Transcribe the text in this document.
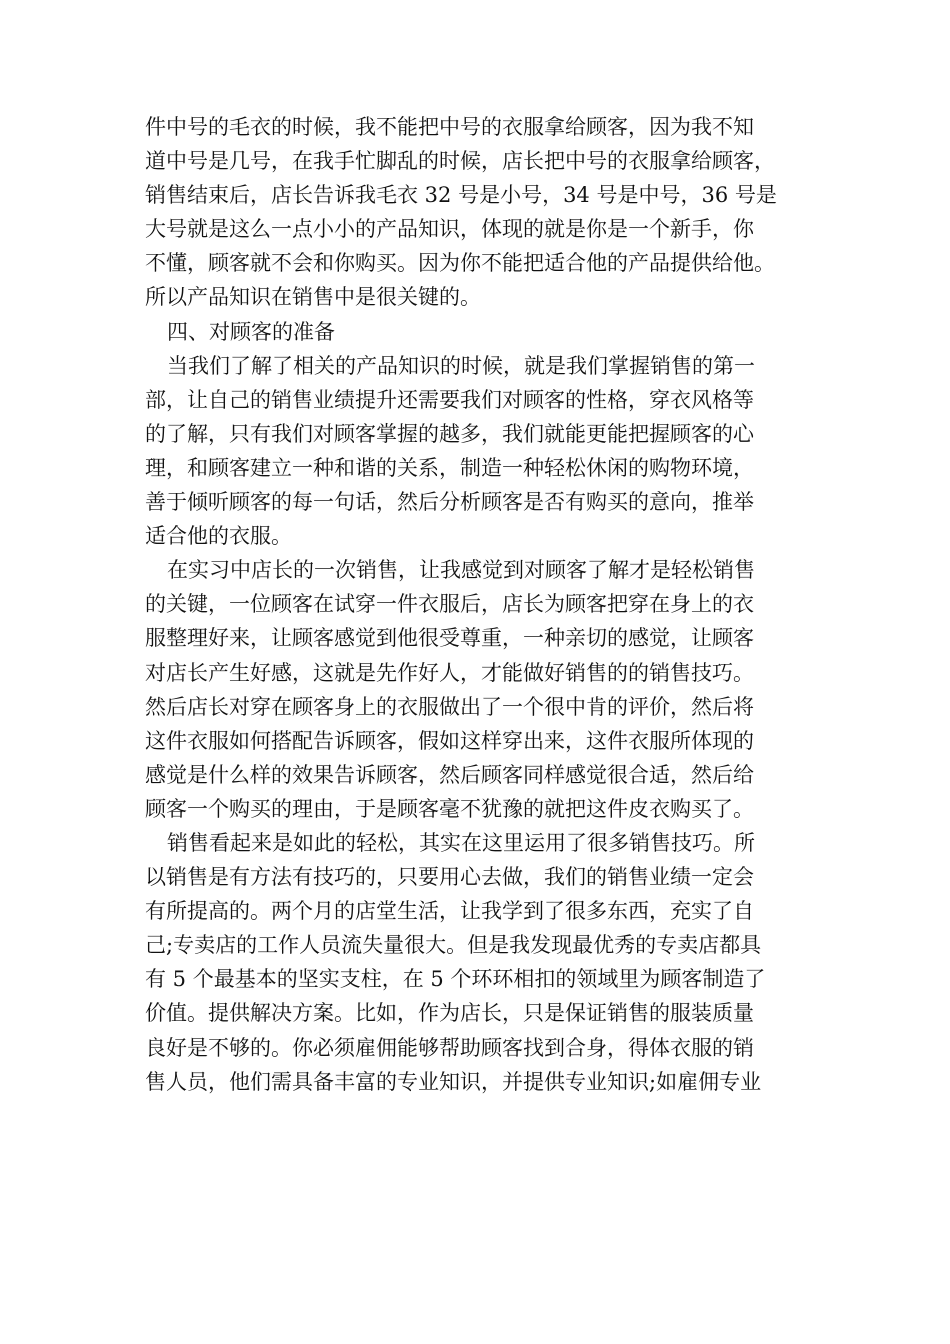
件中号的毛衣的时候，我不能把中号的衣服拿给顾客，因为我不知
道中号是几号，在我手忙脚乱的时候，店长把中号的衣服拿给顾客，
销售结束后，店长告诉我毛衣 32 号是小号，34 号是中号，36 号是
大号就是这么一点小小的产品知识，体现的就是你是一个新手，你
不懂，顾客就不会和你购买。因为你不能把适合他的产品提供给他。
所以产品知识在销售中是很关键的。
四、对顾客的准备
当我们了解了相关的产品知识的时候，就是我们掌握销售的第一
部，让自己的销售业绩提升还需要我们对顾客的性格，穿衣风格等
的了解，只有我们对顾客掌握的越多，我们就能更能把握顾客的心
理，和顾客建立一种和谐的关系，制造一种轻松休闲的购物环境，
善于倾听顾客的每一句话，然后分析顾客是否有购买的意向，推举
适合他的衣服。
在实习中店长的一次销售，让我感觉到对顾客了解才是轻松销售
的关键，一位顾客在试穿一件衣服后，店长为顾客把穿在身上的衣
服整理好来，让顾客感觉到他很受尊重，一种亲切的感觉，让顾客
对店长产生好感，这就是先作好人，才能做好销售的的销售技巧。
然后店长对穿在顾客身上的衣服做出了一个很中肯的评价，然后将
这件衣服如何搭配告诉顾客，假如这样穿出来，这件衣服所体现的
感觉是什么样的效果告诉顾客，然后顾客同样感觉很合适，然后给
顾客一个购买的理由，于是顾客毫不犹豫的就把这件皮衣购买了。
销售看起来是如此的轻松，其实在这里运用了很多销售技巧。所
以销售是有方法有技巧的，只要用心去做，我们的销售业绩一定会
有所提高的。两个月的店堂生活，让我学到了很多东西，充实了自
己;专卖店的工作人员流失量很大。但是我发现最优秀的专卖店都具
有 5 个最基本的坚实支柱，在 5 个环环相扣的领域里为顾客制造了
价值。提供解决方案。比如，作为店长，只是保证销售的服装质量
良好是不够的。你必须雇佣能够帮助顾客找到合身，得体衣服的销
售人员，他们需具备丰富的专业知识，并提供专业知识;如雇佣专业
